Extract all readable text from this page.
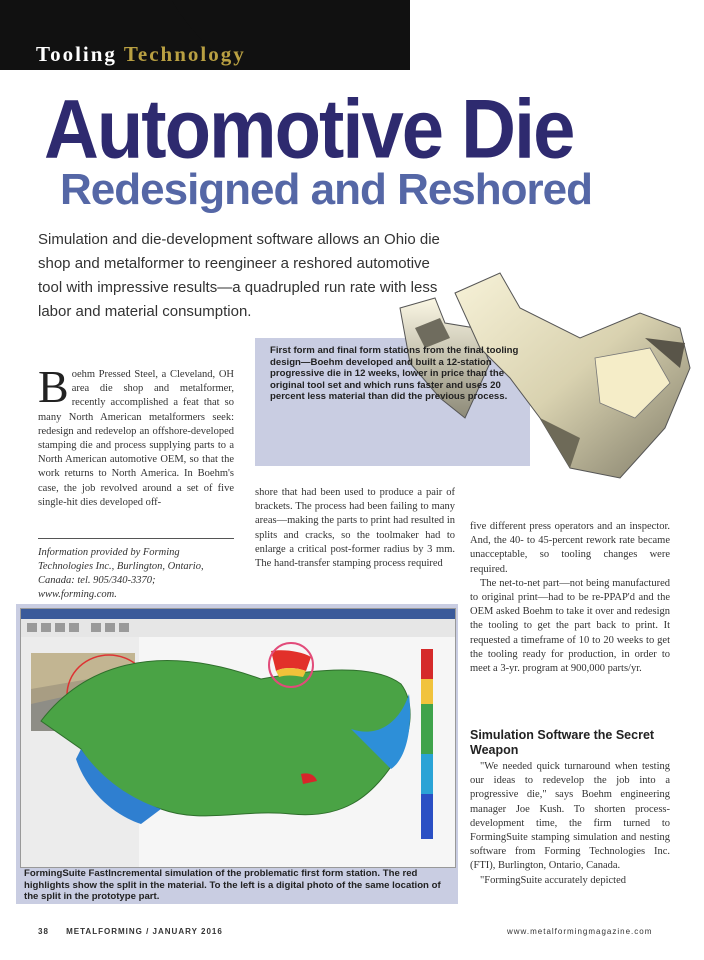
Tooling Technology
Automotive Die
Redesigned and Reshored
Simulation and die-development software allows an Ohio die shop and metalformer to reengineer a reshored automotive tool with impressive results—a quadrupled run rate with less labor and material consumption.
First form and final form stations from the final tooling design—Boehm developed and built a 12-station progressive die in 12 weeks, lower in price than the original tool set and which runs faster and uses 20 percent less material than did the previous process.
B oehm Pressed Steel, a Cleveland, OH area die shop and metalformer, recently accomplished a feat that so many North American metalformers seek: redesign and redevelop an offshore-developed stamping die and process supplying parts to a North American automotive OEM, so that the work returns to North America. In Boehm's case, the job revolved around a set of five single-hit dies developed off-
Information provided by Forming Technologies Inc., Burlington, Ontario, Canada: tel. 905/340-3370; www.forming.com.
shore that had been used to produce a pair of brackets. The process had been failing to many areas—making the parts to print had resulted in splits and cracks, so the toolmaker had to enlarge a critical post-former radius by 3 mm. The hand-transfer stamping process required

five different press operators and an inspector. And, the 40- to 45-percent rework rate became unacceptable, so tooling changes were required.

The net-to-net part—not being manufactured to original print—had to be re-PPAP'd and the OEM asked Boehm to take it over and redesign the tooling to get the part back to print. It requested a timeframe of 10 to 20 weeks to get the tooling ready for production, in order to meet a 3-yr. program at 900,000 parts/yr.

Simulation Software the Secret Weapon

"We needed quick turnaround when testing our ideas to redevelop the job into a progressive die," says Boehm engineering manager Joe Kush. To shorten process-development time, the firm turned to FormingSuite stamping simulation and nesting software from Forming Technologies Inc. (FTI), Burlington, Ontario, Canada.

"FormingSuite accurately depicted

FormingSuite FastIncremental simulation of the problematic first form station. The red highlights show the split in the material. To the left is a digital photo of the same location of the split in the prototype part.
38 METALFORMING / JANUARY 2016	www.metalformingmagazine.com
